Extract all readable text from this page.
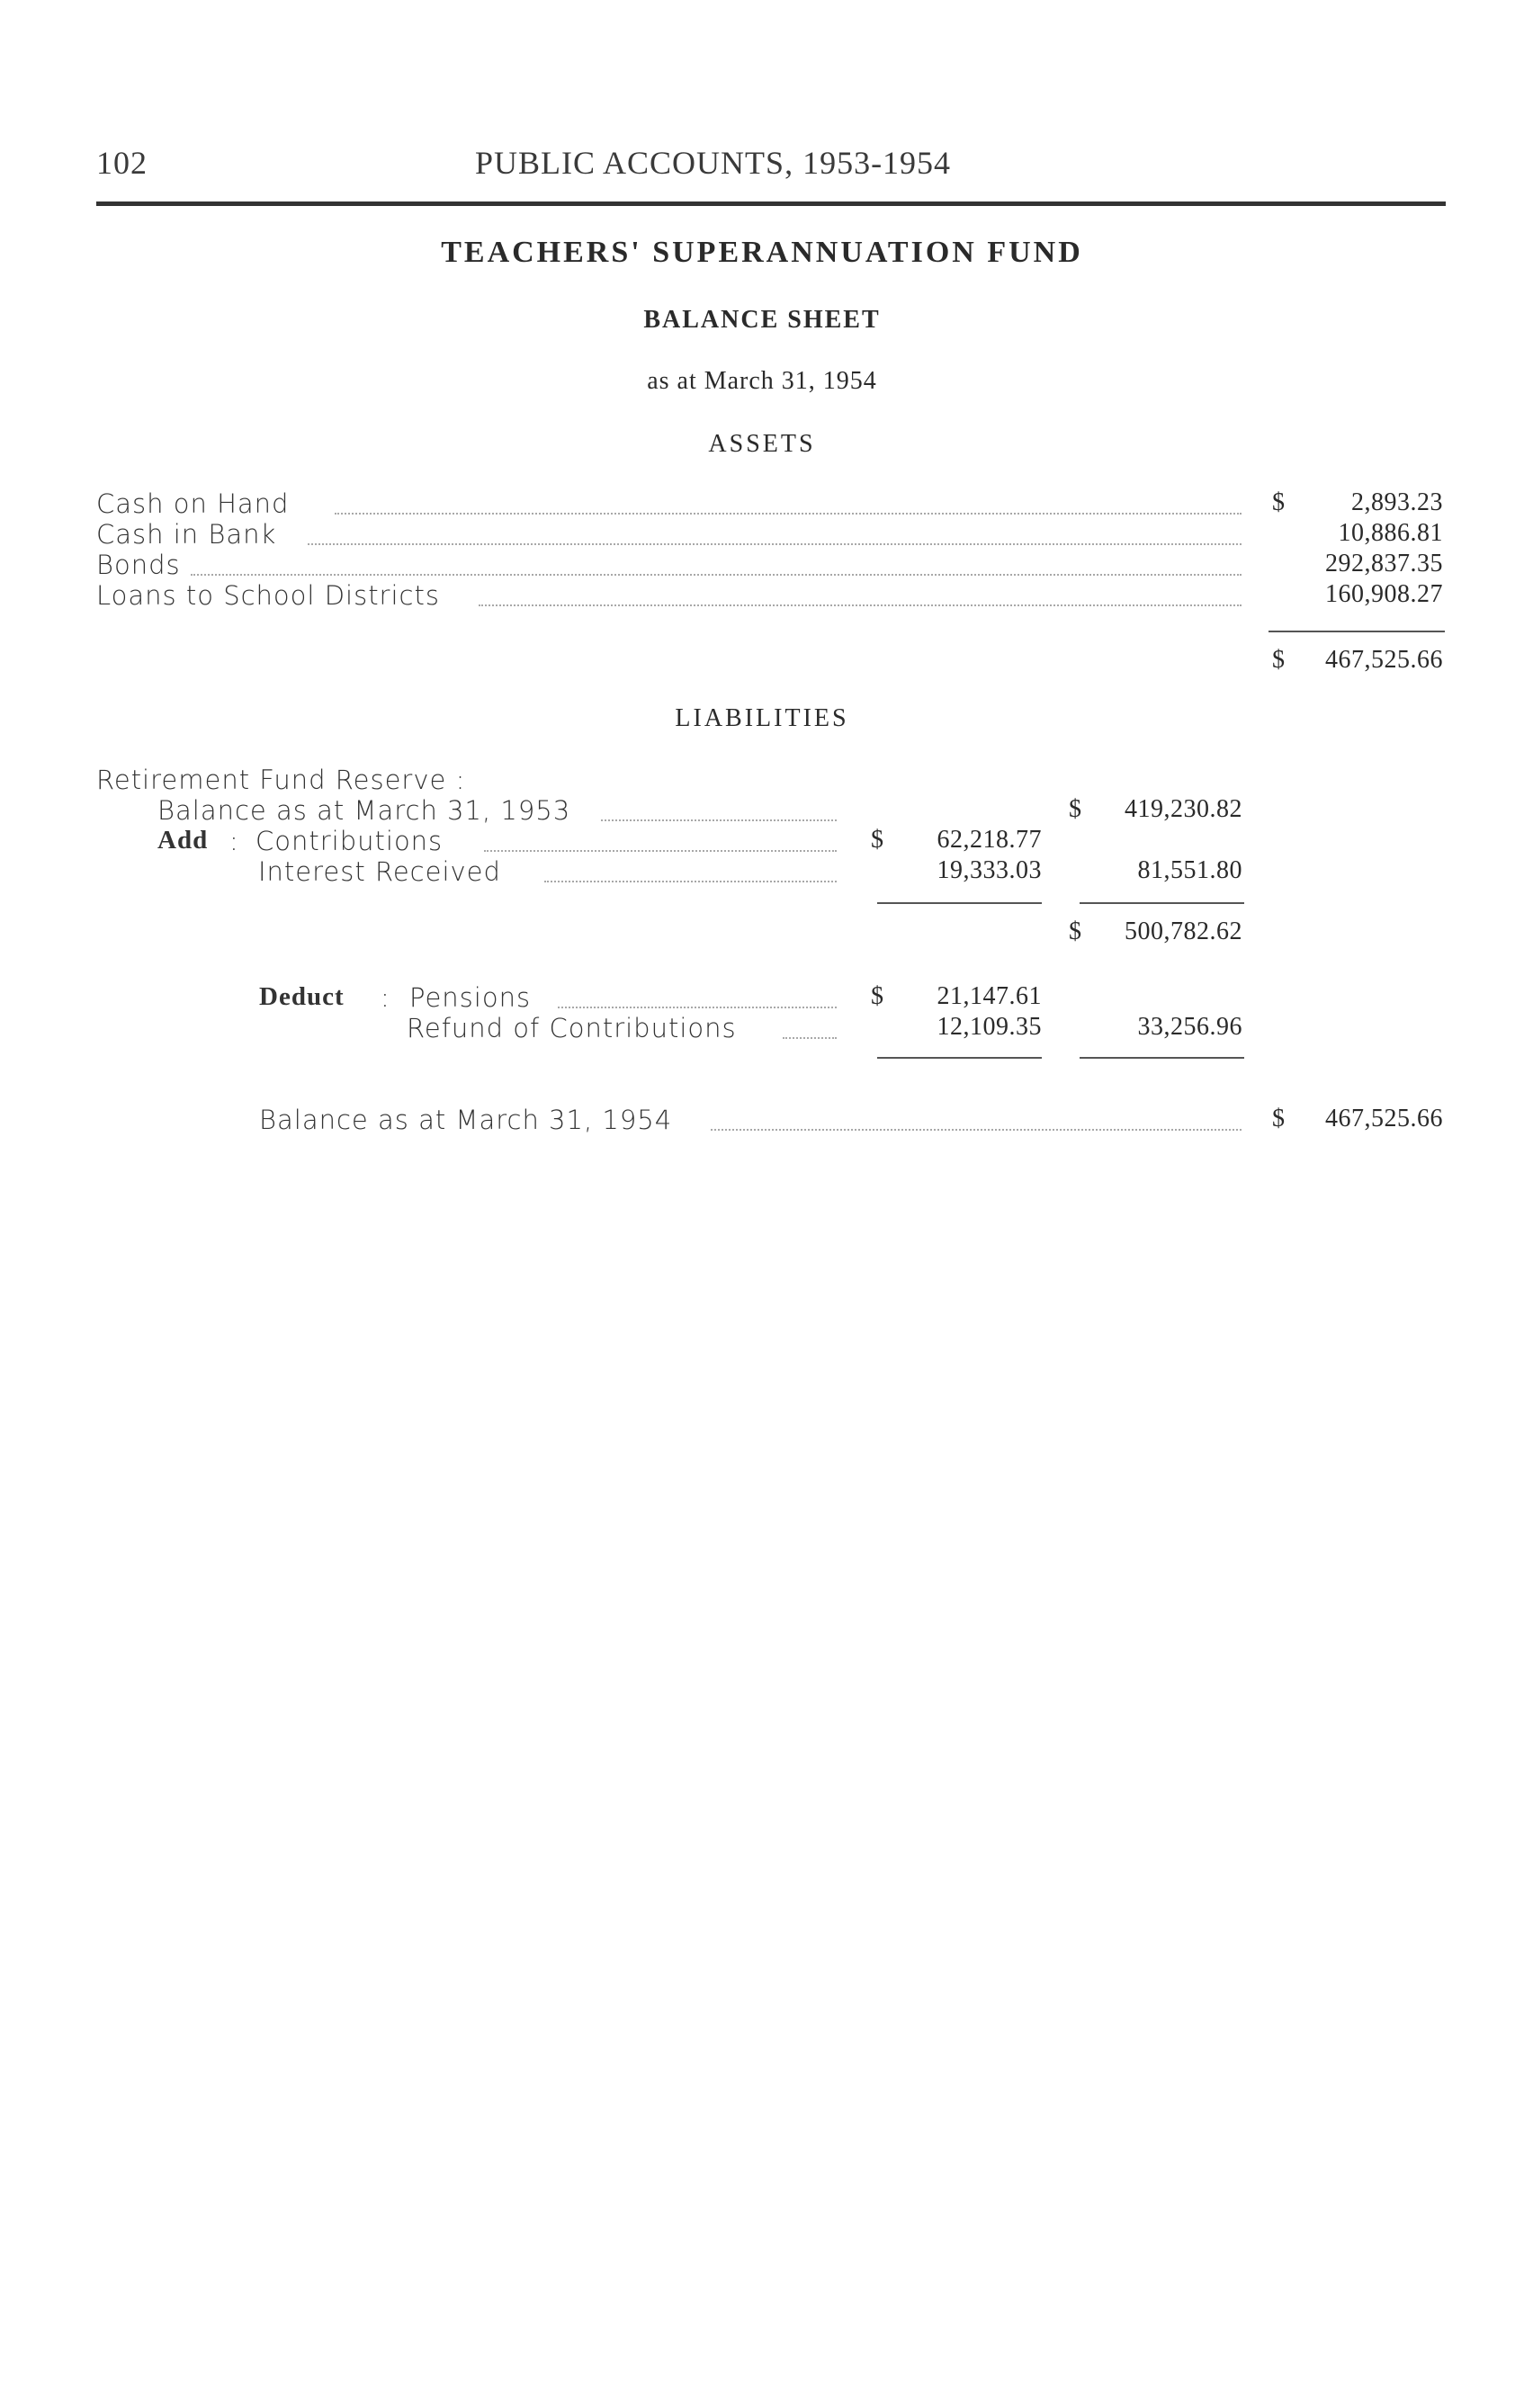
102	PUBLIC ACCOUNTS, 1953-1954
TEACHERS' SUPERANNUATION FUND
BALANCE SHEET
as at March 31, 1954
ASSETS
Cash on Hand	$	2,893.23
Cash in Bank	10,886.81
Bonds	292,837.35
Loans to School Districts	160,908.27
$ 467,525.66
LIABILITIES
Retirement Fund Reserve :
Balance as at March 31, 1953	$ 419,230.82
Add : Contributions	$ 62,218.77
Interest Received	19,333.03	81,551.80
$ 500,782.62
Deduct : Pensions	$ 21,147.61
Refund of Contributions	12,109.35	33,256.96
Balance as at March 31, 1954	$ 467,525.66
